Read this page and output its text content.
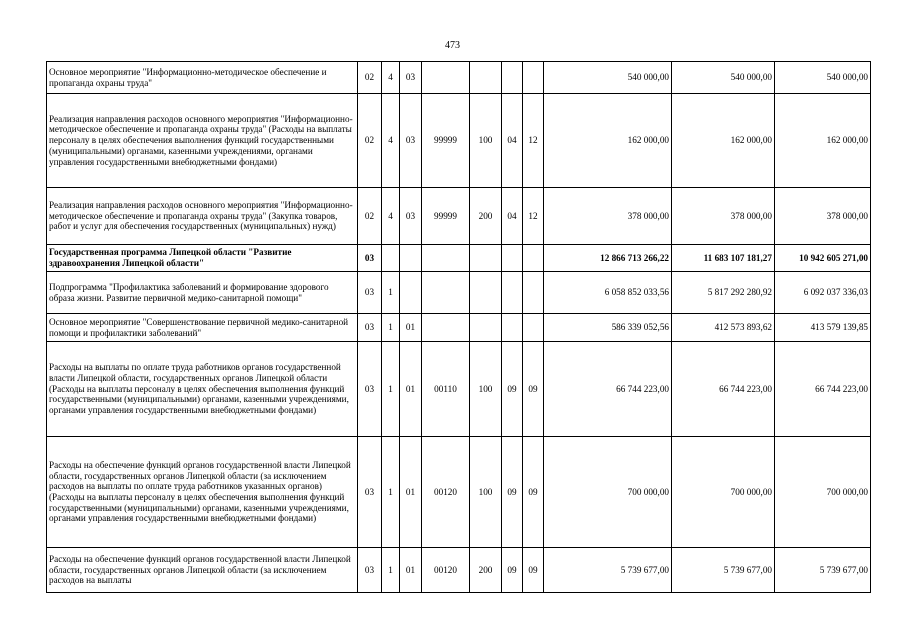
473
Основное мероприятие "Информационно-методическое обеспечение и пропаганда охраны труда"	02	4	03					540 000,00	540 000,00	540 000,00
Реализация направления расходов основного мероприятия "Информационно-методическое обеспечение и пропаганда охраны труда" (Расходы на выплаты персоналу в целях обеспечения выполнения функций государственными (муниципальными) органами, казенными учреждениями, органами управления государственными внебюджетными фондами)	02	4	03	99999	100	04	12	162 000,00	162 000,00	162 000,00
Реализация направления расходов основного мероприятия "Информационно-методическое обеспечение и пропаганда охраны труда" (Закупка товаров, работ и услуг для обеспечения государственных (муниципальных) нужд)	02	4	03	99999	200	04	12	378 000,00	378 000,00	378 000,00
Государственная программа Липецкой области "Развитие здравоохранения Липецкой области"	03							12 866 713 266,22	11 683 107 181,27	10 942 605 271,00
Подпрограмма "Профилактика заболеваний и формирование здорового образа жизни. Развитие первичной медико-санитарной помощи"	03	1						6 058 852 033,56	5 817 292 280,92	6 092 037 336,03
Основное мероприятие "Совершенствование первичной медико-санитарной помощи и профилактики заболеваний"	03	1	01					586 339 052,56	412 573 893,62	413 579 139,85
Расходы на выплаты по оплате труда работников органов государственной власти Липецкой области, государственных органов Липецкой области (Расходы на выплаты персоналу в целях обеспечения выполнения функций государственными (муниципальными) органами, казенными учреждениями, органами управления государственными внебюджетными фондами)	03	1	01	00110	100	09	09	66 744 223,00	66 744 223,00	66 744 223,00
Расходы на обеспечение функций органов государственной власти Липецкой области, государственных органов Липецкой области (за исключением расходов на выплаты по оплате труда работников указанных органов) (Расходы на выплаты персоналу в целях обеспечения выполнения функций государственными (муниципальными) органами, казенными учреждениями, органами управления государственными внебюджетными фондами)	03	1	01	00120	100	09	09	700 000,00	700 000,00	700 000,00
Расходы на обеспечение функций органов государственной власти Липецкой области, государственных органов Липецкой области (за исключением расходов на выплаты	03	1	01	00120	200	09	09	5 739 677,00	5 739 677,00	5 739 677,00
